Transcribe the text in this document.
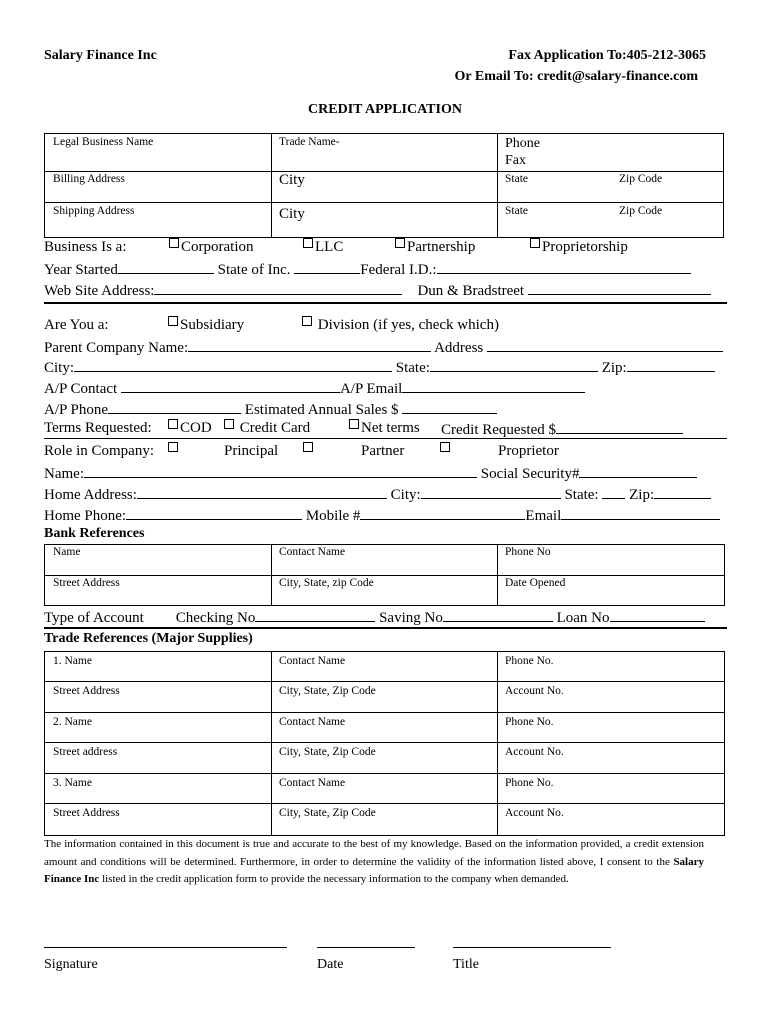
Salary Finance Inc	Fax Application To:405-212-3065
Or Email To: credit@salary-finance.com
CREDIT APPLICATION
Legal Business Name	Trade Name-	Phone
Fax
Billing Address	City	State	Zip Code
Shipping Address	City	State	Zip Code
Business Is a:	Corporation	LLC	Partnership	Proprietorship
Year Started	State of Inc.	Federal I.D.:
Web Site Address:	Dun & Bradstreet
Are You a:	Subsidiary	Division (if yes, check which)
Parent Company Name:	Address
City:	State:	Zip:
A/P Contact	A/P Email
A/P Phone	Estimated Annual Sales $
Terms Requested:	COD	Credit Card	Net terms Credit Requested $
Role in Company:	Principal	Partner	Proprietor
Name:	Social Security#
Home Address:	City:	State: Zip:
Home Phone:	Mobile #	Email
Bank References
Name	Contact Name	Phone No
Street Address	City, State, zip Code	Date Opened
Type of Account Checking No	Saving No	Loan No
Trade References (Major Supplies)
1. Name	Contact Name	Phone No.
Street Address	City, State, Zip Code	Account No.
2. Name	Contact Name	Phone No.
Street address	City, State, Zip Code	Account No.
3. Name	Contact Name	Phone No.
Street Address	City, State, Zip Code	Account No.
The information contained in this document is true and accurate to the best of my knowledge. Based on the information provided, a credit extension amount and conditions will be determined. Furthermore, in order to determine the validity of the information listed above, I consent to the Salary Finance Inc listed in the credit application form to provide the necessary information to the company when demanded.
Signature	Date	Title
